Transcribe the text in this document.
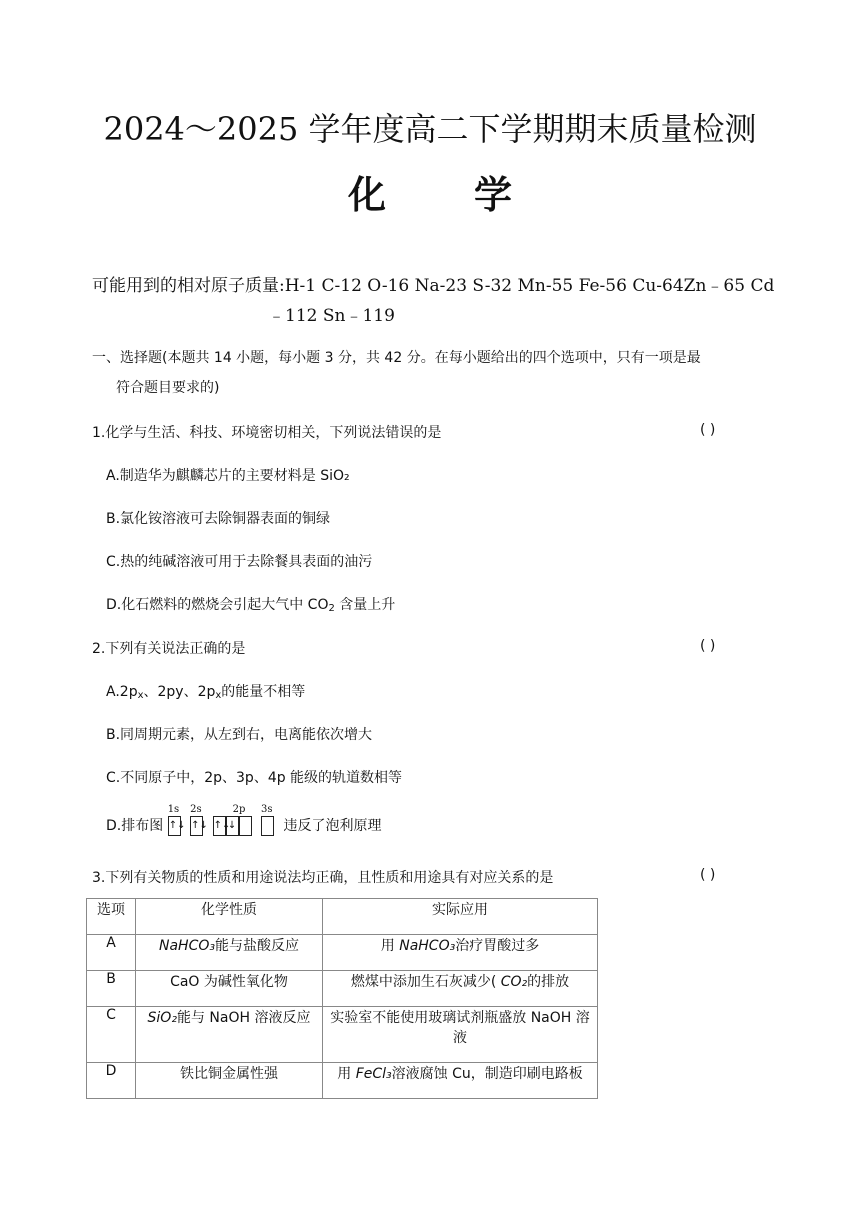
2024～2025 学年度高二下学期期末质量检测
化 学
可能用到的相对原子质量:H-1 C-12 O-16 Na-23 S-32 Mn-55 Fe-56 Cu-64Zn﹣65 Cd
﹣112 Sn﹣119
一、选择题(本题共 14 小题，每小题 3 分，共 42 分。在每小题给出的四个选项中，只有一项是最
符合题目要求的)
1.化学与生活、科技、环境密切相关，下列说法错误的是	( )
A.制造华为麒麟芯片的主要材料是 SiO₂
B.氯化铵溶液可去除铜器表面的铜绿
C.热的纯碱溶液可用于去除餐具表面的油污
D.化石燃料的燃烧会引起大气中 $CO_2$ 含量上升
2.下列有关说法正确的是	( )
$A.2p_x$、2py、$2p_x$的能量不相等
B.同周期元素，从左到右，电离能依次增大
C.不同原子中，2p、3p、4p 能级的轨道数相等
D.排布图
1s
↑↓
2s
↑↓
2p
↑↓↓
3s
违反了泡利原理
3.下列有关物质的性质和用途说法均正确，且性质和用途具有对应关系的是	( )
选项	化学性质	实际应用
A	NaHCO₃能与盐酸反应	用 NaHCO₃治疗胃酸过多
B	CaO 为碱性氧化物	燃煤中添加生石灰减少( CO₂的排放
C	SiO₂能与 NaOH 溶液反应	实验室不能使用玻璃试剂瓶盛放 NaOH 溶液
D	铁比铜金属性强	用 FeCl₃溶液腐蚀 Cu，制造印刷电路板
